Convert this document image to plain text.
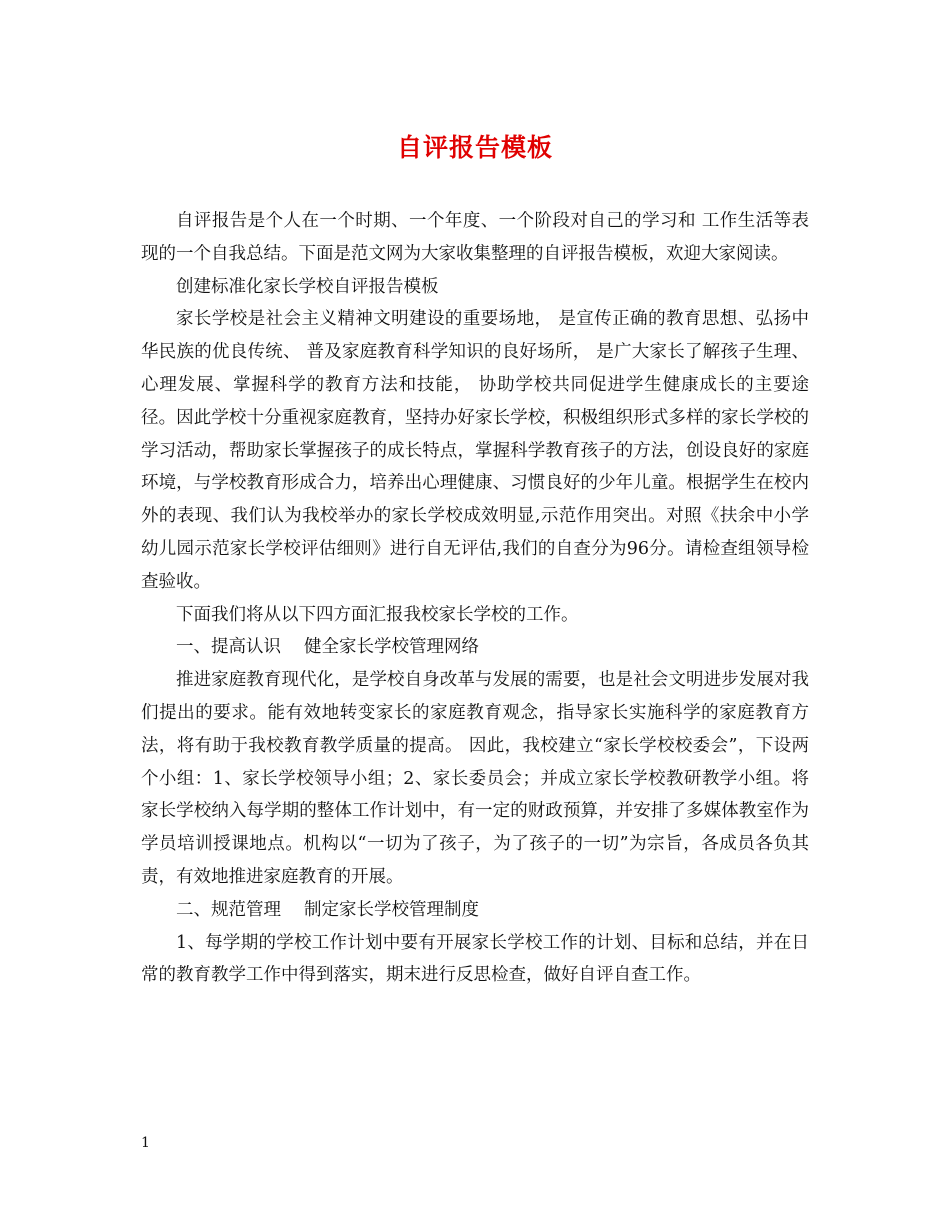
自评报告模板

自评报告是个人在一个时期、一个年度、一个阶段对自己的学习和 工作生活等表现的一个自我总结。下面是范文网为大家收集整理的自评报告模板，欢迎大家阅读。

创建标准化家长学校自评报告模板

家长学校是社会主义精神文明建设的重要场地， 是宣传正确的教育思想、弘扬中华民族的优良传统、 普及家庭教育科学知识的良好场所， 是广大家长了解孩子生理、 心理发展、掌握科学的教育方法和技能， 协助学校共同促进学生健康成长的主要途径。因此学校十分重视家庭教育，坚持办好家长学校，积极组织形式多样的家长学校的学习活动，帮助家长掌握孩子的成长特点，掌握科学教育孩子的方法，创设良好的家庭环境，与学校教育形成合力，培养出心理健康、习惯良好的少年儿童。根据学生在校内外的表现、我们认为我校举办的家长学校成效明显,示范作用突出。对照《扶余中小学幼儿园示范家长学校评估细则》进行自无评估,我们的自查分为96分。请检查组领导检查验收。

下面我们将从以下四方面汇报我校家长学校的工作。

一、提高认识　 健全家长学校管理网络

推进家庭教育现代化，是学校自身改革与发展的需要，也是社会文明进步发展对我们提出的要求。能有效地转变家长的家庭教育观念，指导家长实施科学的家庭教育方法，将有助于我校教育教学质量的提高。 因此，我校建立“家长学校校委会”，下设两个小组：1、家长学校领导小组；2、家长委员会；并成立家长学校教研教学小组。将家长学校纳入每学期的整体工作计划中，有一定的财政预算，并安排了多媒体教室作为学员培训授课地点。机构以“一切为了孩子，为了孩子的一切”为宗旨，各成员各负其责，有效地推进家庭教育的开展。

二、规范管理　 制定家长学校管理制度

1、每学期的学校工作计划中要有开展家长学校工作的计划、目标和总结，并在日常的教育教学工作中得到落实，期末进行反思检查，做好自评自查工作。

1
